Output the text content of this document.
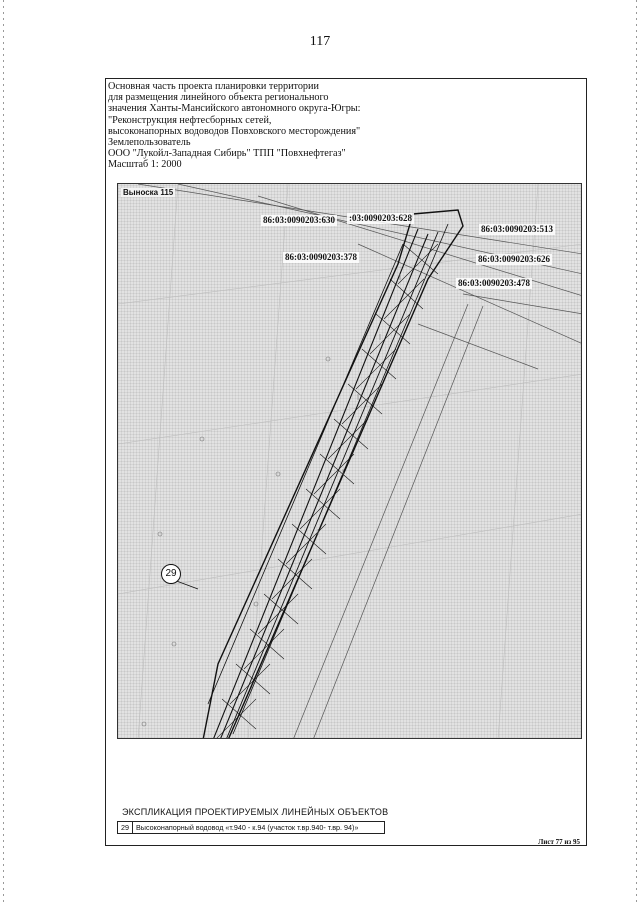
117
Основная часть проекта планировки территории
для размещения линейного объекта регионального
значения Ханты-Мансийского автономного округа-Югры:
"Реконструкция нефтесборных сетей,
высоконапорных водоводов Повховского месторождения"
Землепользователь
ООО "Лукойл-Западная Сибирь" ТПП "Повхнефтегаз"
Масштаб 1: 2000
Выноска 115
86:03:0090203:630 :03:0090203:628
86:03:0090203:513
86:03:0090203:378	86:03:0090203:626
86:03:0090203:478
29
ЭКСПЛИКАЦИЯ ПРОЕКТИРУЕМЫХ ЛИНЕЙНЫХ ОБЪЕКТОВ
29 Высоконапорный водовод «т.940 - к.94 (участок т.вр.940- т.вр. 94)»
Лист 77 из 95
